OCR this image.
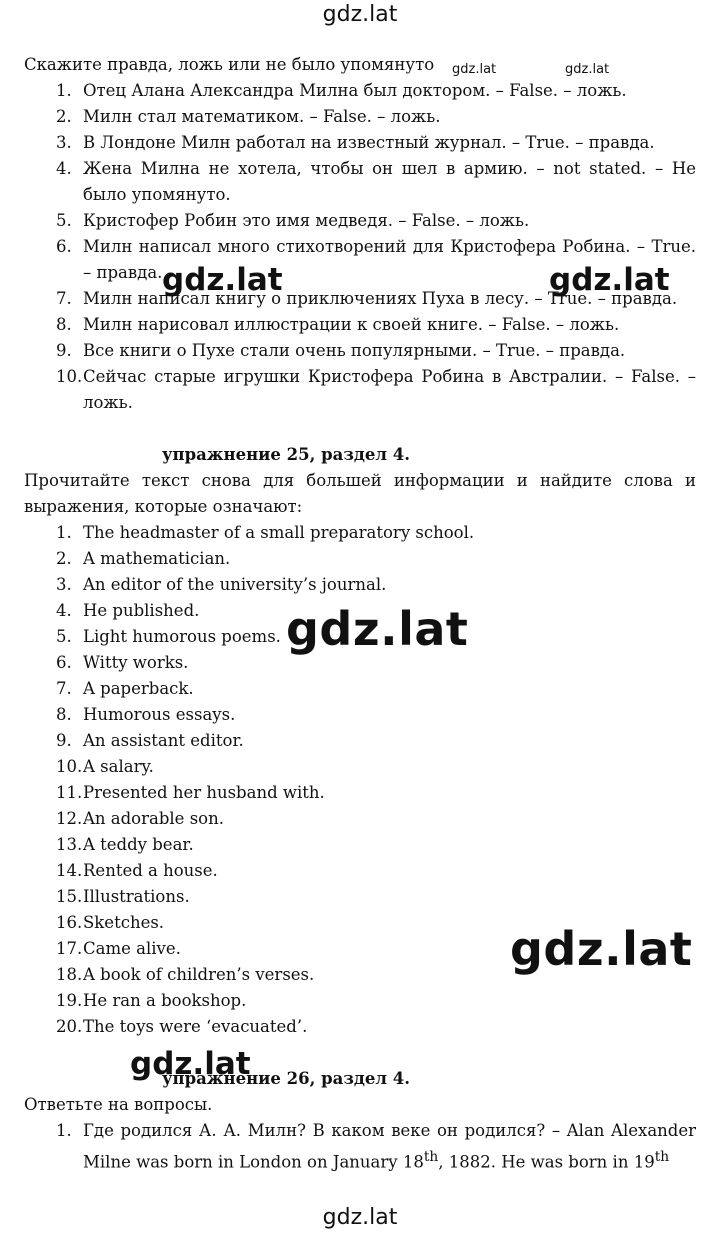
gdz.lat
gdz.lat	gdz.lat
gdz.lat	gdz.lat
gdz.lat
gdz.lat
gdz.lat
gdz.lat

Скажите правда, ложь или не было упомянуто

1. Отец Алана Александра Милна был доктором. – False. – ложь.
2. Милн стал математиком. – False. – ложь.
3. В Лондоне Милн работал на известный журнал. – True. – правда.
4. Жена Милна не хотела, чтобы он шел в армию. – not stated. – Не было упомянуто.
5. Кристофер Робин это имя медведя. – False. – ложь.
6. Милн написал много стихотворений для Кристофера Робина. – True. – правда.
7. Милн написал книгу о приключениях Пуха в лесу. – True. – правда.
8. Милн нарисовал иллюстрации к своей книге. – False. – ложь.
9. Все книги о Пухе стали очень популярными. – True. – правда.
10. Сейчас старые игрушки Кристофера Робина в Австралии. – False. – ложь.

упражнение 25, раздел 4.

Прочитайте текст снова для большей информации и найдите слова и выражения, которые означают:

1. The headmaster of a small preparatory school.
2. A mathematician.
3. An editor of the university’s journal.
4. He published.
5. Light humorous poems.
6. Witty works.
7. A paperback.
8. Humorous essays.
9. An assistant editor.
10. A salary.
11. Presented her husband with.
12. An adorable son.
13. A teddy bear.
14. Rented a house.
15. Illustrations.
16. Sketches.
17. Came alive.
18. A book of children’s verses.
19. He ran a bookshop.
20. The toys were ‘evacuated’.

упражнение 26, раздел 4.

Ответьте на вопросы.

1. Где родился А. А. Милн? В каком веке он родился? – Alan Alexander Milne was born in London on January 18th, 1882. He was born in 19th
